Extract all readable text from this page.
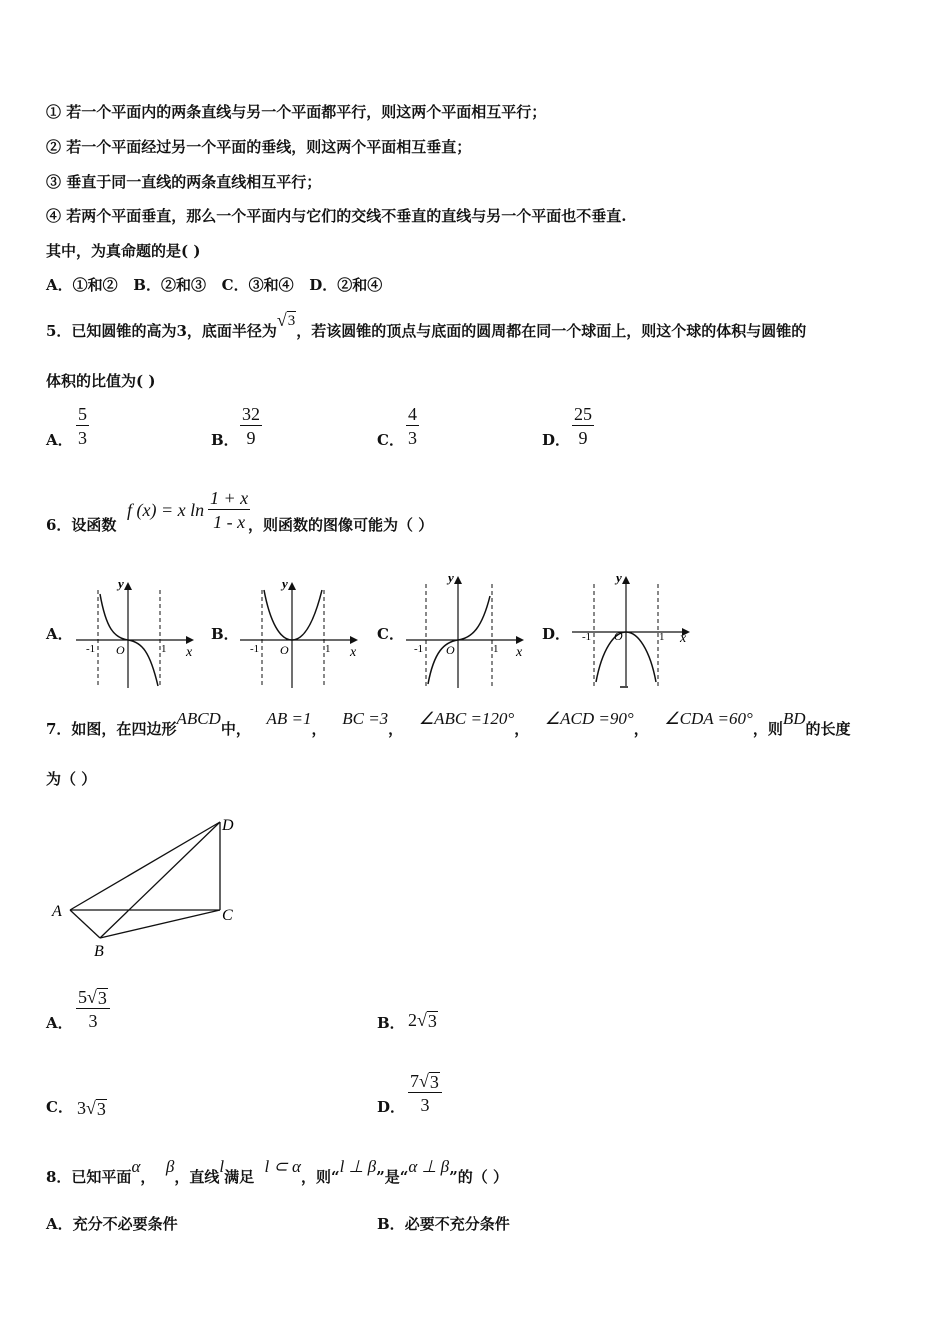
① 若一个平面内的两条直线与另一个平面都平行，则这两个平面相互平行；
② 若一个平面经过另一个平面的垂线，则这两个平面相互垂直；
③ 垂直于同一直线的两条直线相互平行；
④ 若两个平面垂直，那么一个平面内与它们的交线不垂直的直线与另一个平面也不垂直.
其中，为真命题的是( )
A．①和②   B．②和③   C．③和④   D．②和④
5．已知圆锥的高为3，底面半径为
√ 3
，若该圆锥的顶点与底面的圆周都在同一个球面上，则这个球的体积与圆锥的
体积的比值为( )
A． $\frac{5}{3}$	B． $\frac{32}{9}$	C． $\frac{4}{3}$	D． $\frac{25}{9}$
6．设函数
f (x) = x $\ln \frac{1 + x}{1 - x}$
，则函数的图像可能为（ ）
A．	B．	C．	D．
y
x
O
-1	1
y
x
O
-1	1
y
x
O
-1	1
y
x
O
-1	1
7．如图，在四边形ABCD中，   AB =1，   BC =3，   ∠ABC =120°，   ∠ACD =90°，   ∠CDA =60°，则BD的长度
为（ ）
A
B
C
D
A． $\frac{5 √ 3}{3}$	B． 2 √ 3
C． 3 √ 3	D． $\frac{7 √ 3}{3}$
8．已知平面α，  β，直线l满足  l ⊂ α，则“l ⊥ β”是“α ⊥ β”的（ ）
A．充分不必要条件	B．必要不充分条件
